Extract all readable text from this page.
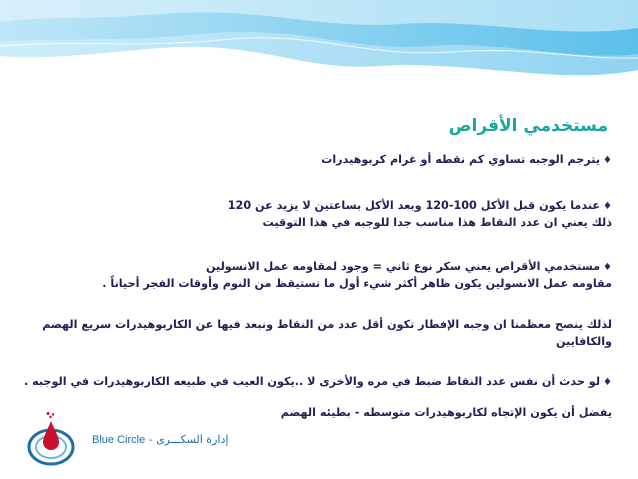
مستخدمي الأقراص
♦يترجم الوجبه تساوي كم نقطه أو غرام كربوهيدرات
♦عندما يكون قبل الأكل 100-120 وبعد الأكل بساعتين لا يزيد عن 120
ذلك يعني ان عدد النقاط هذا مناسب جدا للوجبه في هذا التوقيت
♦مستخدمي الأقراص يعني سكر نوع ثاني = وجود لمقاومه عمل الانسولين
مقاومه عمل الانسولين يكون ظاهر أكثر شيء أول ما نستيقظ من النوم وأوقات الفجر أحياناً .
لذلك ينصح معظمنا ان وجبه الإفطار تكون أقل عدد من النقاط ونبعد فيها عن الكاربوهيدرات سريع الهضم
والكافايين
♦لو حدث أن نفس عدد النقاط ضبط في مره والأخرى لا ..يكون العيب في طبيعه الكاربوهيدرات في الوجبه .
يفضل أن يكون الإتجاه لكاربوهيدرات متوسطه - بطيئه الهضم
Blue Circle - إدارة السكـــرى
